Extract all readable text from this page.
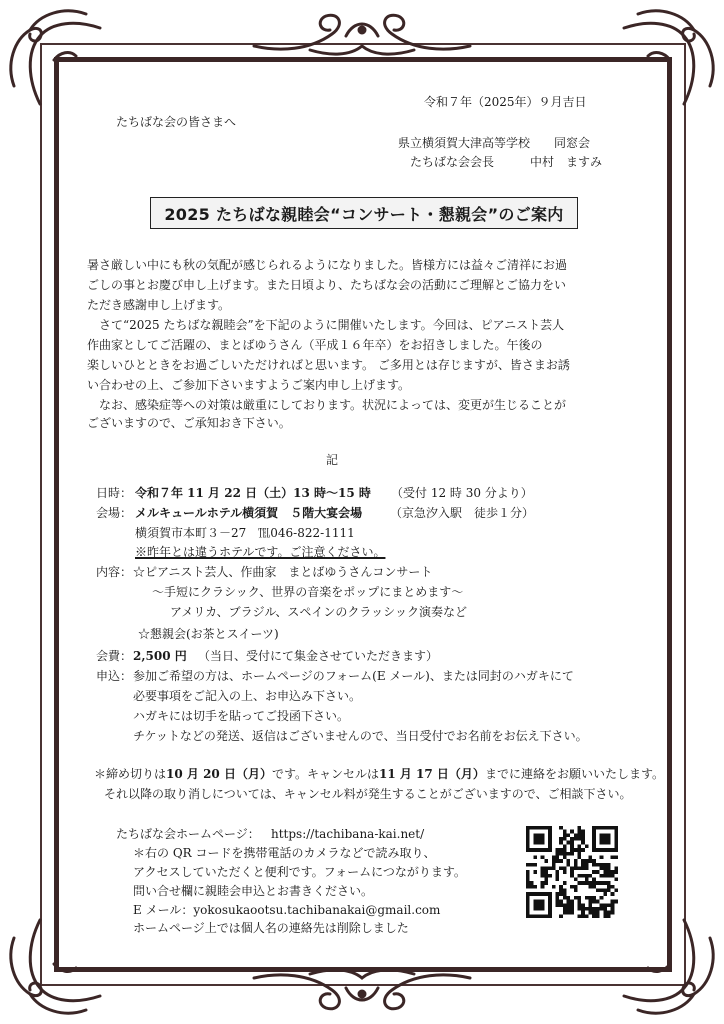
令和７年（2025年）９月吉日
たちばな会の皆さまへ
県立横須賀大津高等学校　　同窓会
たちばな会会長　　　中村　ますみ
2025 たちばな親睦会“コンサート・懇親会”のご案内
暑さ厳しい中にも秋の気配が感じられるようになりました。皆様方には益々ご清祥にお過
ごしの事とお慶び申し上げます。また日頃より、たちばな会の活動にご理解とご協力をい
ただき感謝申し上げます。
　さて“2025 たちばな親睦会”を下記のように開催いたします。今回は、ピアニスト芸人
作曲家としてご活躍の、まとばゆうさん（平成１６年卒）をお招きしました。午後の
楽しいひとときをお過ごしいただければと思います。 ご多用とは存じますが、皆さまお誘
い合わせの上、ご参加下さいますようご案内申し上げます。
　なお、感染症等への対策は厳重にしております。状況によっては、変更が生じることが
ございますので、ご承知おき下さい。
記
日時： 令和７年 11 月 22 日（土）13 時～15 時 （受付 12 時 30 分より）
会場： メルキュールホテル横須賀　５階大宴会場 （京急汐入駅　徒歩１分）
横須賀市本町３－27　℡046-822-1111
※昨年とは違うホテルです。ご注意ください。
内容： ☆ピアニスト芸人、作曲家　まとばゆうさんコンサート
～手短にクラシック、世界の音楽をポップにまとめます～
アメリカ、ブラジル、スペインのクラッシック演奏など
☆懇親会(お茶とスイーツ)
会費： 2,500 円 （当日、受付にて集金させていただきます）
申込： 参加ご希望の方は、ホームページのフォーム(E メール)、または同封のハガキにて
必要事項をご記入の上、お申込み下さい。
ハガキには切手を貼ってご投函下さい。
チケットなどの発送、返信はございませんので、当日受付でお名前をお伝え下さい。
＊締め切りは10 月 20 日（月）です。キャンセルは11 月 17 日（月）までに連絡をお願いいたします。
それ以降の取り消しについては、キャンセル料が発生することがございますので、ご相談下さい。
たちばな会ホームページ： https://tachibana-kai.net/
＊右の QR コードを携帯電話のカメラなどで読み取り、
アクセスしていただくと便利です。フォームにつながります。
問い合せ欄に親睦会申込とお書きください。
E メール：yokosukaootsu.tachibanakai@gmail.com
ホームページ上では個人名の連絡先は削除しました
